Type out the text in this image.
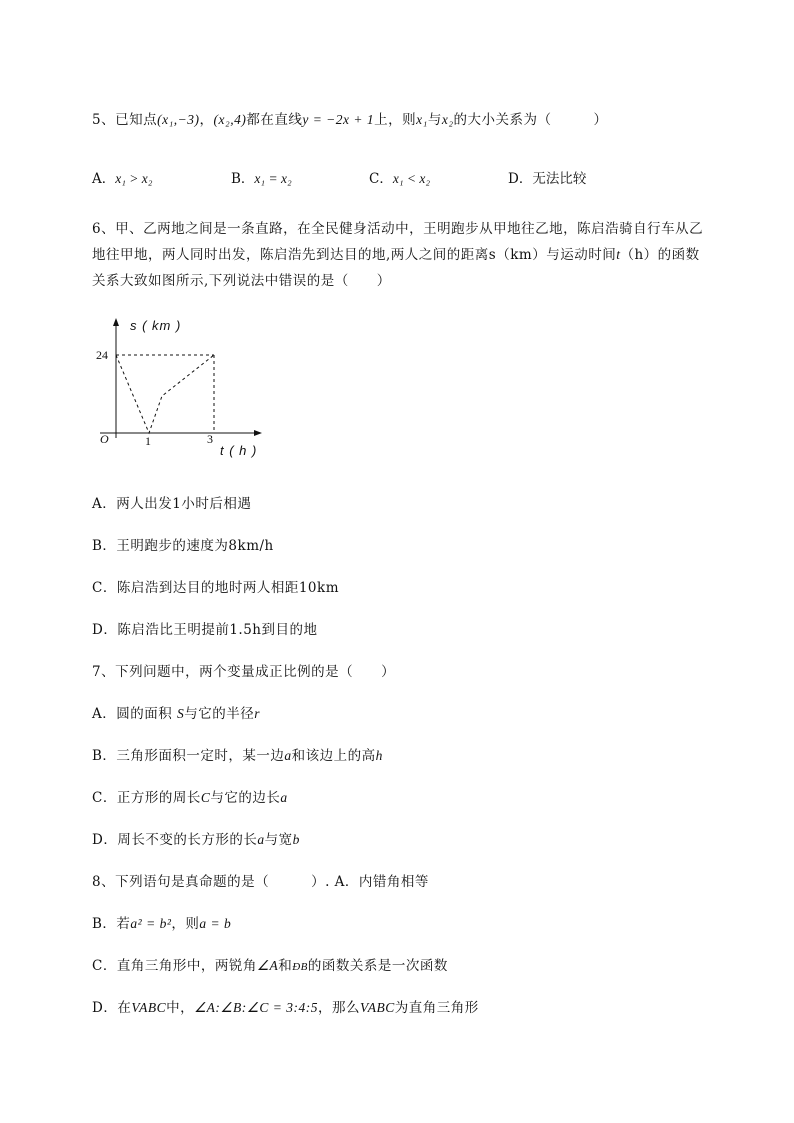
5、已知点(x₁,−3)，(x₂,4)都在直线y = −2x + 1上，则x₁与x₂的大小关系为（　　　）
A．x₁ > x₂	B．x₁ = x₂	C．x₁ < x₂	D．无法比较
6、甲、乙两地之间是一条直路，在全民健身活动中，王明跑步从甲地往乙地，陈启浩骑自行车从乙
地往甲地，两人同时出发，陈启浩先到达目的地,两人之间的距离s（km）与运动时间t（h）的函数
关系大致如图所示,下列说法中错误的是（　　）
s ( km )
24
O	1	3
t ( h )
A．两人出发1小时后相遇
B．王明跑步的速度为8km/h
C．陈启浩到达目的地时两人相距10km
D．陈启浩比王明提前1.5h到目的地
7、下列问题中，两个变量成正比例的是（　　）
A．圆的面积 S与它的半径r
B．三角形面积一定时，某一边a和该边上的高h
C．正方形的周长C与它的边长a
D．周长不变的长方形的长a与宽b
8、下列语句是真命题的是（　　　）. A．内错角相等
B．若a² = b²，则a = b
C．直角三角形中，两锐角∠A和ÐB的函数关系是一次函数
D．在VABC中，∠A:∠B:∠C = 3:4:5，那么VABC为直角三角形
